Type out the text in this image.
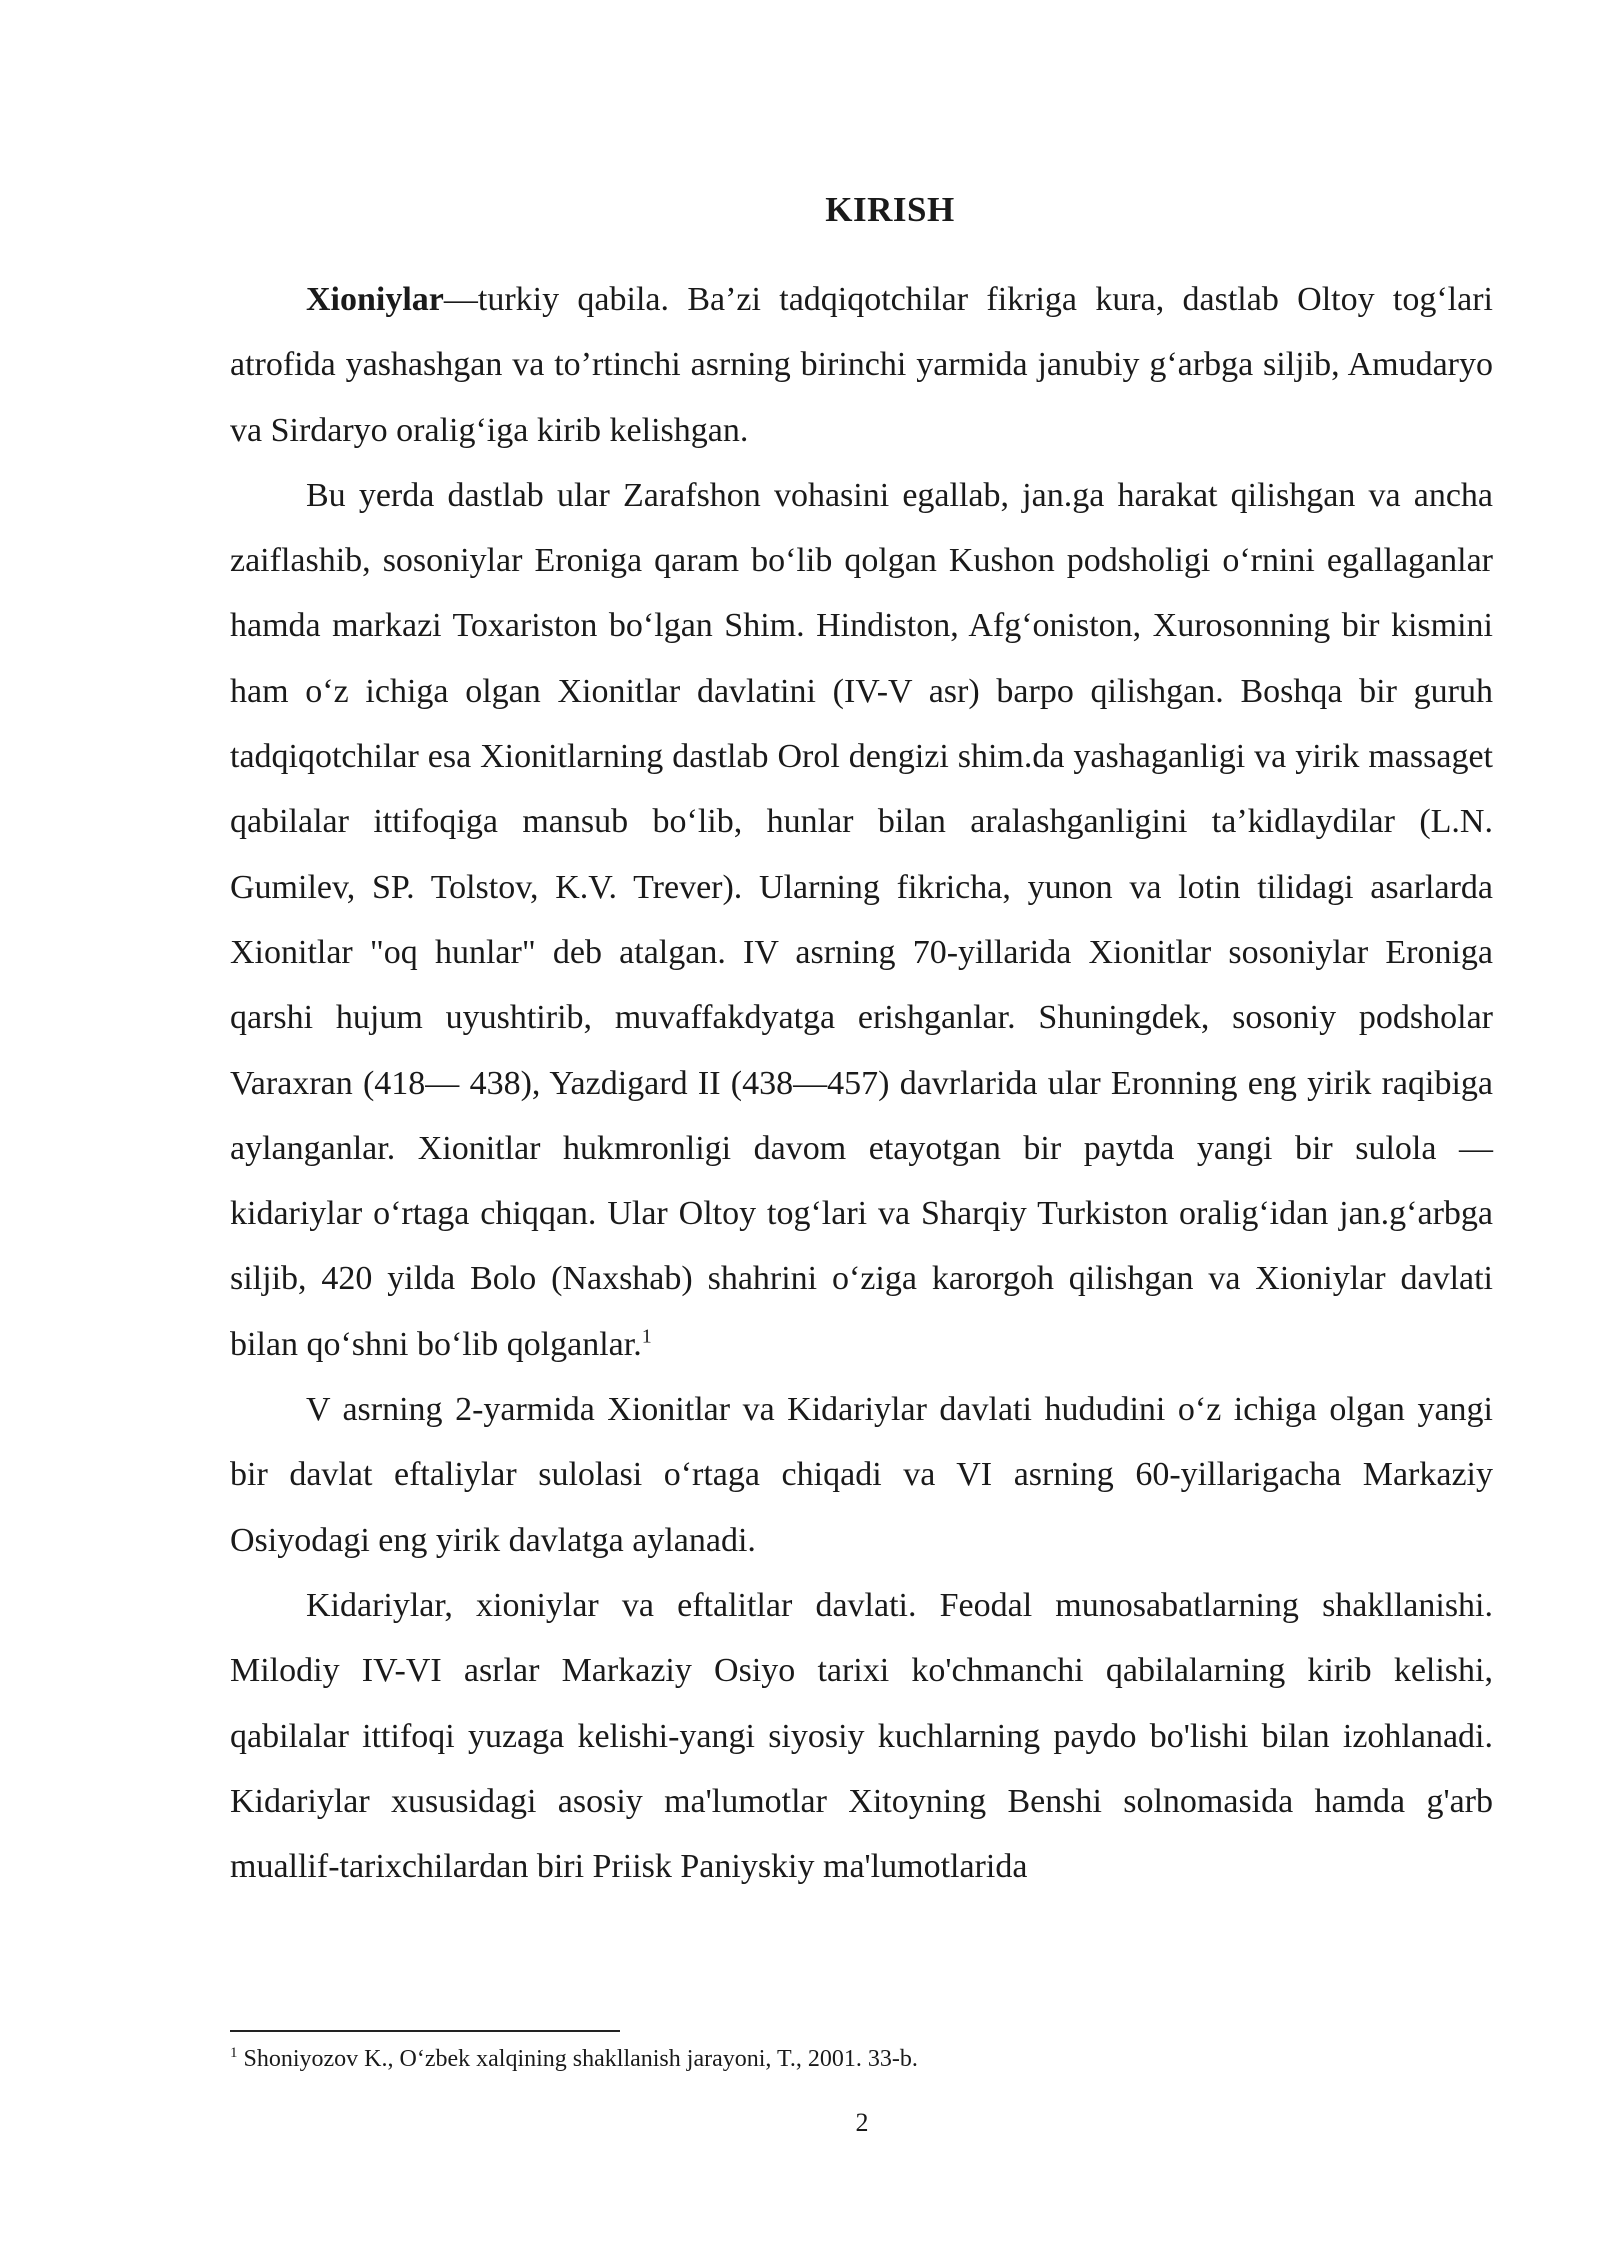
KIRISH

Xioniylar—turkiy qabila. Ba’zi tadqiqotchilar fikriga kura, dastlab Oltoy tog‘lari atrofida yashashgan va to’rtinchi asrning birinchi yarmida janubiy g‘arbga siljib, Amudaryo va Sirdaryo oralig‘iga kirib kelishgan.

Bu yerda dastlab ular Zarafshon vohasini egallab, jan.ga harakat qilishgan va ancha zaiflashib, sosoniylar Eroniga qaram bo‘lib qolgan Kushon podsholigi o‘rnini egallaganlar hamda markazi Toxariston bo‘lgan Shim. Hindiston, Afg‘oniston, Xurosonning bir kismini ham o‘z ichiga olgan Xionitlar davlatini (IV-V asr) barpo qilishgan. Boshqa bir guruh tadqiqotchilar esa Xionitlarning dastlab Orol dengizi shim.da yashaganligi va yirik massaget qabilalar ittifoqiga mansub bo‘lib, hunlar bilan aralashganligini ta’kidlaydilar (L.N. Gumilev, SP. Tolstov, K.V. Trever). Ularning fikricha, yunon va lotin tilidagi asarlarda Xionitlar "oq hunlar" deb atalgan. IV asrning 70-yillarida Xionitlar sosoniylar Eroniga qarshi hujum uyushtirib, muvaffakdyatga erishganlar. Shuningdek, sosoniy podsholar Varaxran (418— 438), Yazdigard II (438—457) davrlarida ular Eronning eng yirik raqibiga aylanganlar. Xionitlar hukmronligi davom etayotgan bir paytda yangi bir sulola — kidariylar o‘rtaga chiqqan. Ular Oltoy tog‘lari va Sharqiy Turkiston oralig‘idan jan.g‘arbga siljib, 420 yilda Bolo (Naxshab) shahrini o‘ziga karorgoh qilishgan va Xioniylar davlati bilan qo‘shni bo‘lib qolganlar.$^1$

V asrning 2-yarmida Xionitlar va Kidariylar davlati hududini o‘z ichiga olgan yangi bir davlat eftaliylar sulolasi o‘rtaga chiqadi va VI asrning 60-yillarigacha Markaziy Osiyodagi eng yirik davlatga aylanadi.

Kidariylar, xioniylar va eftalitlar davlati. Feodal munosabatlarning shakllanishi. Milodiy IV-VI asrlar Markaziy Osiyo tarixi ko'chmanchi qabilalarning kirib kelishi, qabilalar ittifoqi yuzaga kelishi-yangi siyosiy kuchlarning paydo bo'lishi bilan izohlanadi. Kidariylar xususidagi asosiy ma'lumotlar Xitoyning Benshi solnomasida hamda g'arb muallif-tarixchilardan biri Priisk Paniyskiy ma'lumotlarida

$^1$ Shoniyozov K., O‘zbek xalqining shakllanish jarayoni, T., 2001. 33-b.
2
